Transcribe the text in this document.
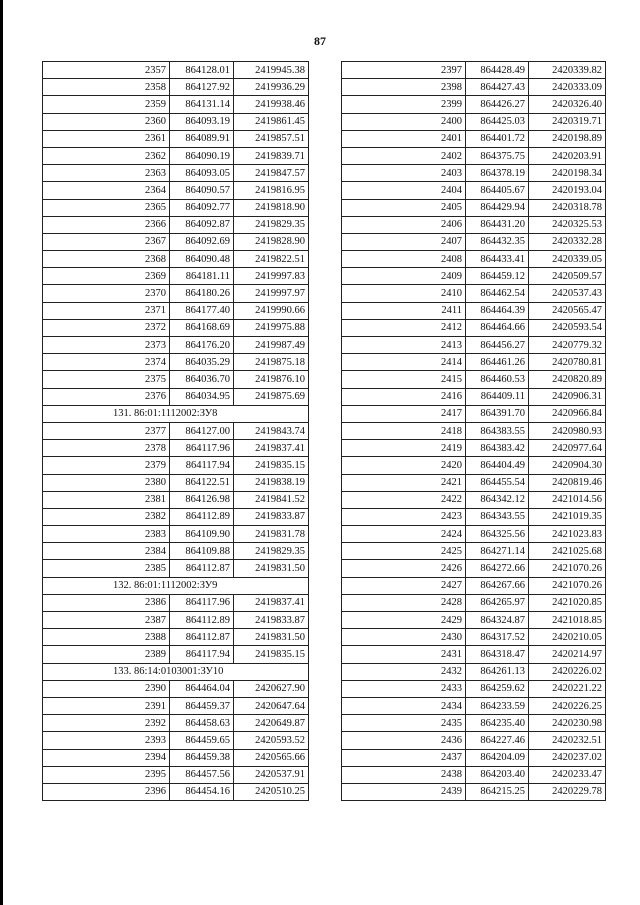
87
2357	864128.01	2419945.38
2358	864127.92	2419936.29
2359	864131.14	2419938.46
2360	864093.19	2419861.45
2361	864089.91	2419857.51
2362	864090.19	2419839.71
2363	864093.05	2419847.57
2364	864090.57	2419816.95
2365	864092.77	2419818.90
2366	864092.87	2419829.35
2367	864092.69	2419828.90
2368	864090.48	2419822.51
2369	864181.11	2419997.83
2370	864180.26	2419997.97
2371	864177.40	2419990.66
2372	864168.69	2419975.88
2373	864176.20	2419987.49
2374	864035.29	2419875.18
2375	864036.70	2419876.10
2376	864034.95	2419875.69
131. 86:01:1112002:ЗУ8		
2377	864127.00	2419843.74
2378	864117.96	2419837.41
2379	864117.94	2419835.15
2380	864122.51	2419838.19
2381	864126.98	2419841.52
2382	864112.89	2419833.87
2383	864109.90	2419831.78
2384	864109.88	2419829.35
2385	864112.87	2419831.50
132. 86:01:1112002:ЗУ9		
2386	864117.96	2419837.41
2387	864112.89	2419833.87
2388	864112.87	2419831.50
2389	864117.94	2419835.15
133. 86:14:0103001:ЗУ10		
2390	864464.04	2420627.90
2391	864459.37	2420647.64
2392	864458.63	2420649.87
2393	864459.65	2420593.52
2394	864459.38	2420565.66
2395	864457.56	2420537.91
2396	864454.16	2420510.25
2397	864428.49	2420339.82
2398	864427.43	2420333.09
2399	864426.27	2420326.40
2400	864425.03	2420319.71
2401	864401.72	2420198.89
2402	864375.75	2420203.91
2403	864378.19	2420198.34
2404	864405.67	2420193.04
2405	864429.94	2420318.78
2406	864431.20	2420325.53
2407	864432.35	2420332.28
2408	864433.41	2420339.05
2409	864459.12	2420509.57
2410	864462.54	2420537.43
2411	864464.39	2420565.47
2412	864464.66	2420593.54
2413	864456.27	2420779.32
2414	864461.26	2420780.81
2415	864460.53	2420820.89
2416	864409.11	2420906.31
2417	864391.70	2420966.84
2418	864383.55	2420980.93
2419	864383.42	2420977.64
2420	864404.49	2420904.30
2421	864455.54	2420819.46
2422	864342.12	2421014.56
2423	864343.55	2421019.35
2424	864325.56	2421023.83
2425	864271.14	2421025.68
2426	864272.66	2421070.26
2427	864267.66	2421070.26
2428	864265.97	2421020.85
2429	864324.87	2421018.85
2430	864317.52	2420210.05
2431	864318.47	2420214.97
2432	864261.13	2420226.02
2433	864259.62	2420221.22
2434	864233.59	2420226.25
2435	864235.40	2420230.98
2436	864227.46	2420232.51
2437	864204.09	2420237.02
2438	864203.40	2420233.47
2439	864215.25	2420229.78
